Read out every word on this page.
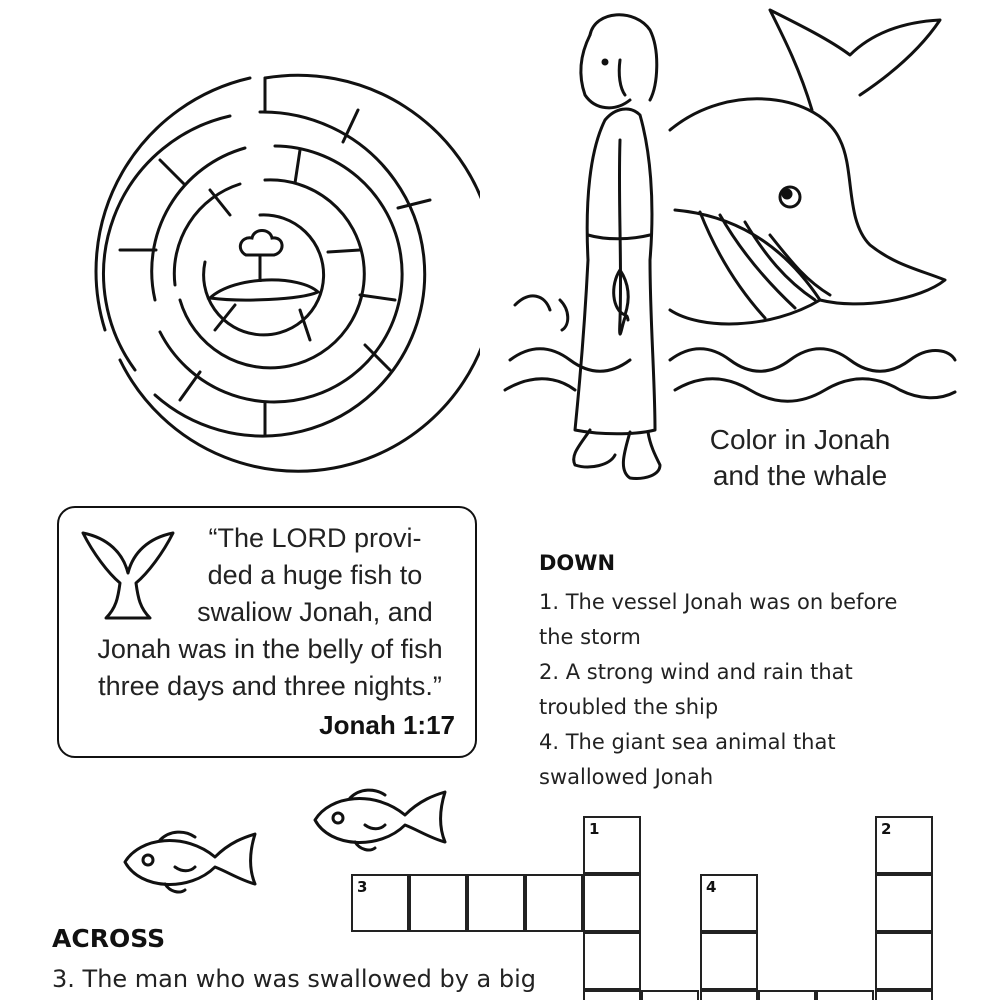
Color in Jonah
and the whale
“The LORD provi-
ded a huge fish to
swaliow Jonah, and
Jonah was in the belly of fish
three days and three nights.”
Jonah 1:17
DOWN
1. The vessel Jonah was on before
the storm
2. A strong wind and rain that
troubled the ship
4. The giant sea animal that
swallowed Jonah
ACROSS
3. The man who was swallowed by a big
1	2
3	4
